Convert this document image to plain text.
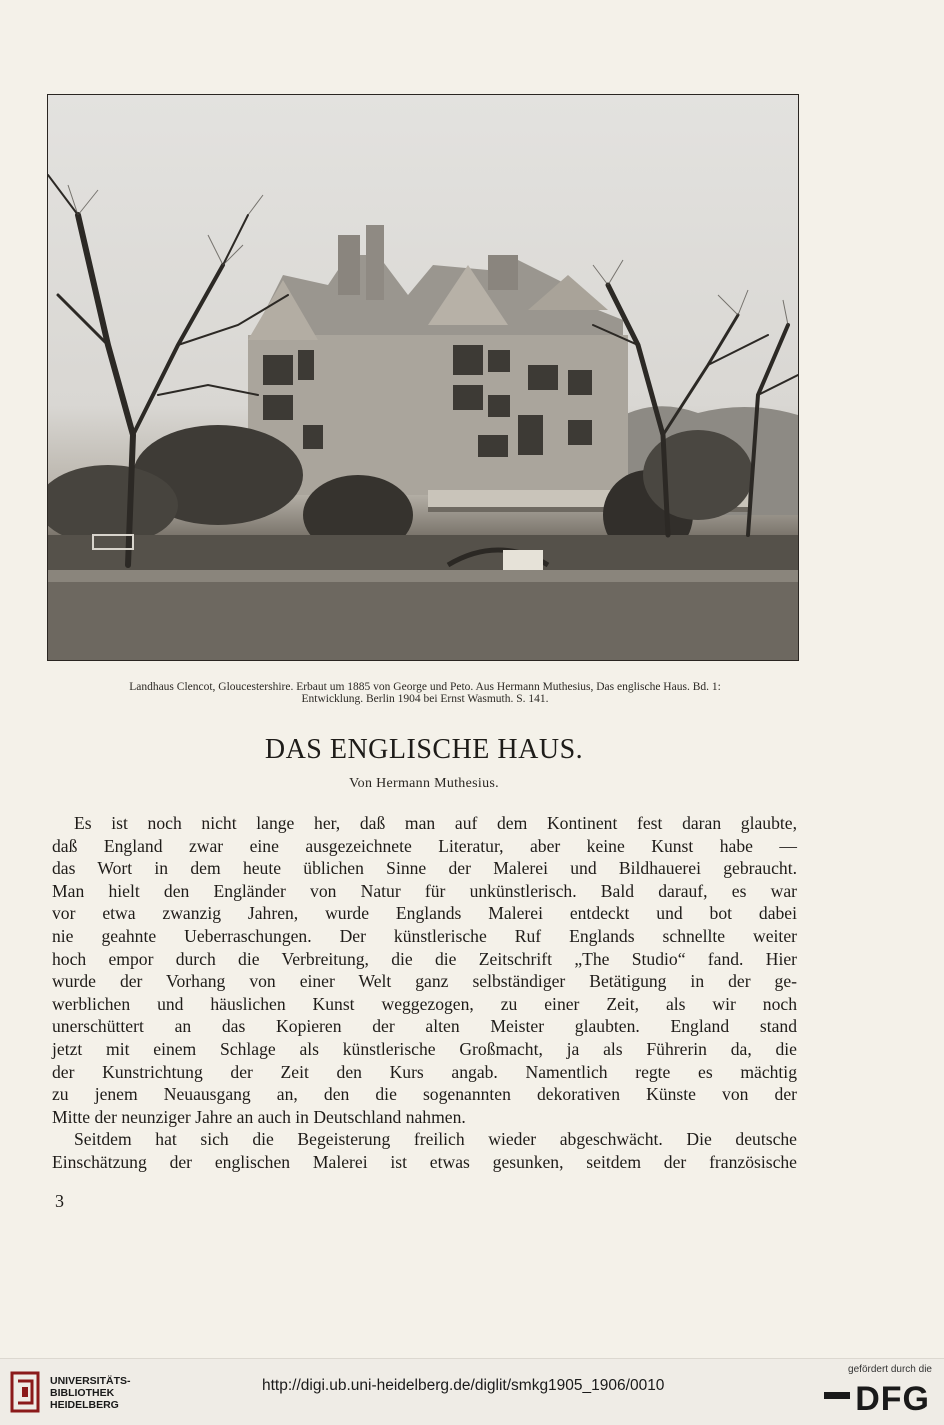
Landhaus Clencot, Gloucestershire. Erbaut um 1885 von George und Peto. Aus Hermann Muthesius, Das englische Haus. Bd. 1:
Entwicklung. Berlin 1904 bei Ernst Wasmuth. S. 141.
DAS ENGLISCHE HAUS.
Von Hermann Muthesius.
Es ist noch nicht lange her, daß man auf dem Kontinent fest daran glaubte,
daß England zwar eine ausgezeichnete Literatur, aber keine Kunst habe —
das Wort in dem heute üblichen Sinne der Malerei und Bildhauerei gebraucht.
Man hielt den Engländer von Natur für unkünstlerisch. Bald darauf, es war
vor etwa zwanzig Jahren, wurde Englands Malerei entdeckt und bot dabei
nie geahnte Ueberraschungen. Der künstlerische Ruf Englands schnellte weiter
hoch empor durch die Verbreitung, die die Zeitschrift „The Studio“ fand. Hier
wurde der Vorhang von einer Welt ganz selbständiger Betätigung in der ge-
werblichen und häuslichen Kunst weggezogen, zu einer Zeit, als wir noch
unerschüttert an das Kopieren der alten Meister glaubten. England stand
jetzt mit einem Schlage als künstlerische Großmacht, ja als Führerin da, die
der Kunstrichtung der Zeit den Kurs angab. Namentlich regte es mächtig
zu jenem Neuausgang an, den die sogenannten dekorativen Künste von der
Mitte der neunziger Jahre an auch in Deutschland nahmen.
Seitdem hat sich die Begeisterung freilich wieder abgeschwächt. Die deutsche
Einschätzung der englischen Malerei ist etwas gesunken, seitdem der französische
3
UNIVERSITÄTS-
BIBLIOTHEK
HEIDELBERG
http://digi.ub.uni-heidelberg.de/diglit/smkg1905_1906/0010
gefördert durch die
DFG
